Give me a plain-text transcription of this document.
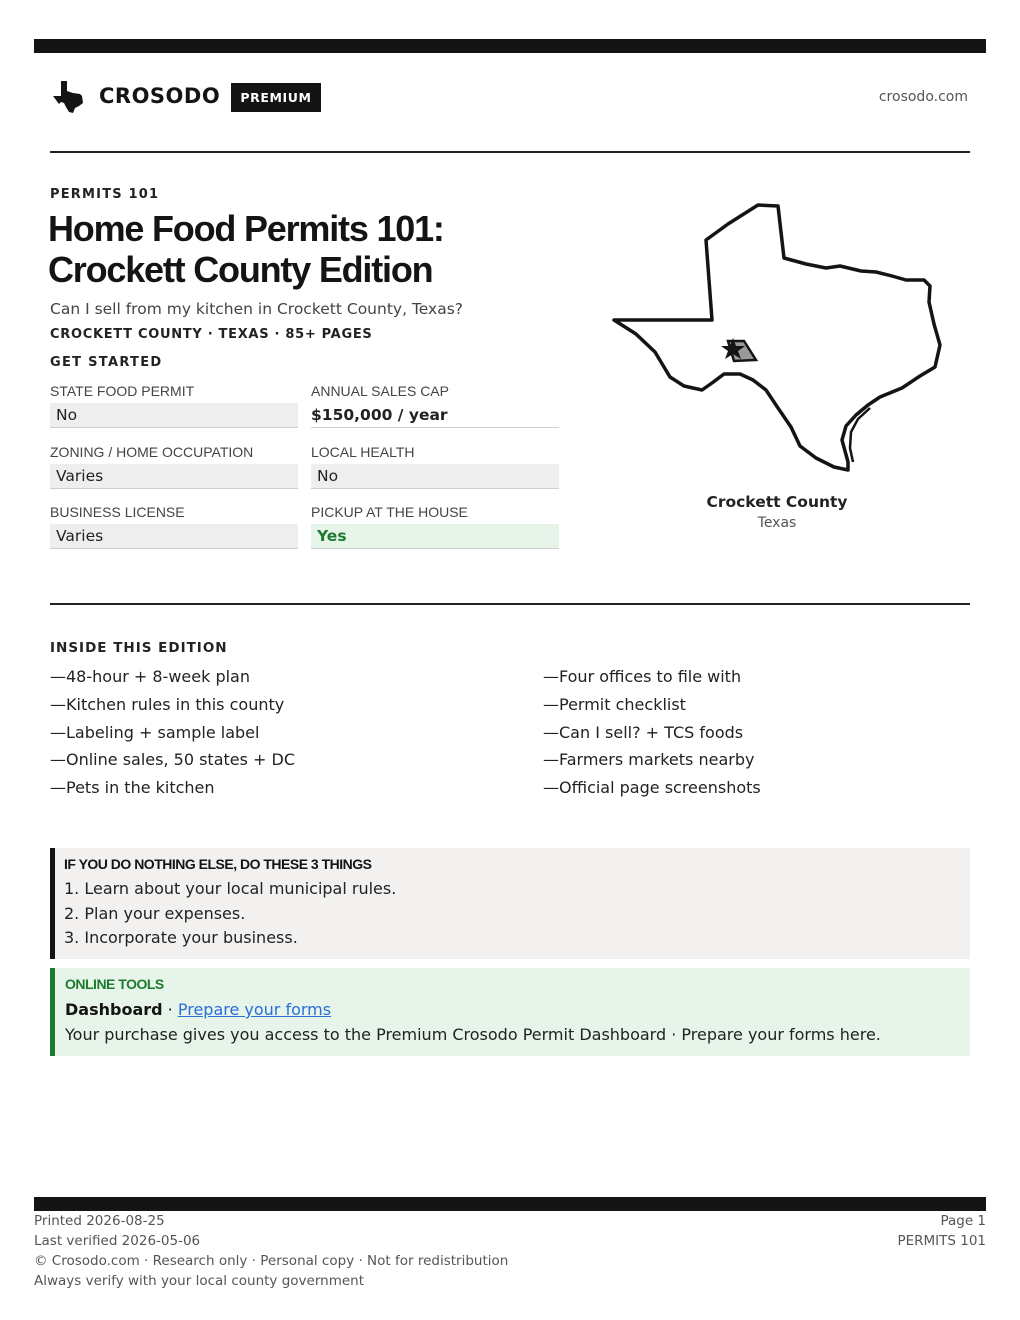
CROSODO	PREMIUM	crosodo.com
PERMITS 101
Home Food Permits 101:
Crockett County Edition
Can I sell from my kitchen in Crockett County, Texas?
CROCKETT COUNTY · TEXAS · 85+ PAGES
GET STARTED
STATE FOOD PERMIT
No
ANNUAL SALES CAP
$150,000 / year
ZONING / HOME OCCUPATION
Varies
LOCAL HEALTH
No
BUSINESS LICENSE
Varies
PICKUP AT THE HOUSE
Yes
Crockett County
Texas
INSIDE THIS EDITION
—48-hour + 8-week plan
—Kitchen rules in this county
—Labeling + sample label
—Online sales, 50 states + DC
—Pets in the kitchen
—Four offices to file with
—Permit checklist
—Can I sell? + TCS foods
—Farmers markets nearby
—Official page screenshots
IF YOU DO NOTHING ELSE, DO THESE 3 THINGS
1. Learn about your local municipal rules.
2. Plan your expenses.
3. Incorporate your business.
ONLINE TOOLS
Dashboard · Prepare your forms
Your purchase gives you access to the Premium Crosodo Permit Dashboard · Prepare your forms here.
Printed 2026-08-25
Last verified 2026-05-06
© Crosodo.com · Research only · Personal copy · Not for redistribution
Always verify with your local county government
Page 1
PERMITS 101
